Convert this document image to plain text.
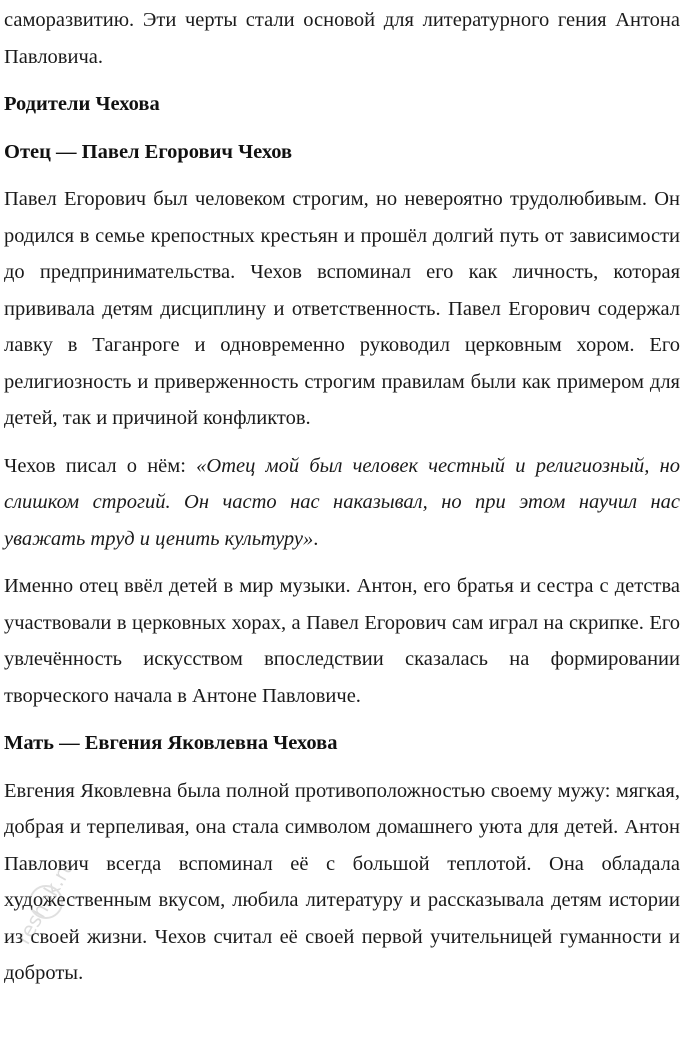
саморазвитию. Эти черты стали основой для литературного гения Антона Павловича.

Родители Чехова
Отец — Павел Егорович Чехов

Павел Егорович был человеком строгим, но невероятно трудолюбивым. Он родился в семье крепостных крестьян и прошёл долгий путь от зависимости до предпринимательства. Чехов вспоминал его как личность, которая прививала детям дисциплину и ответственность. Павел Егорович содержал лавку в Таганроге и одновременно руководил церковным хором. Его религиозность и приверженность строгим правилам были как примером для детей, так и причиной конфликтов.

Чехов писал о нём: «Отец мой был человек честный и религиозный, но слишком строгий. Он часто нас наказывал, но при этом научил нас уважать труд и ценить культуру».

Именно отец ввёл детей в мир музыки. Антон, его братья и сестра с детства участвовали в церковных хорах, а Павел Егорович сам играл на скрипке. Его увлечённость искусством впоследствии сказалась на формировании творческого начала в Антоне Павловиче.

Мать — Евгения Яковлевна Чехова

Евгения Яковлевна была полной противоположностью своему мужу: мягкая, добрая и терпеливая, она стала символом домашнего уюта для детей. Антон Павлович всегда вспоминал её с большой теплотой. Она обладала художественным вкусом, любила литературу и рассказывала детям истории из своей жизни. Чехов считал её своей первой учительницей гуманности и доброты.

reshak.ru
